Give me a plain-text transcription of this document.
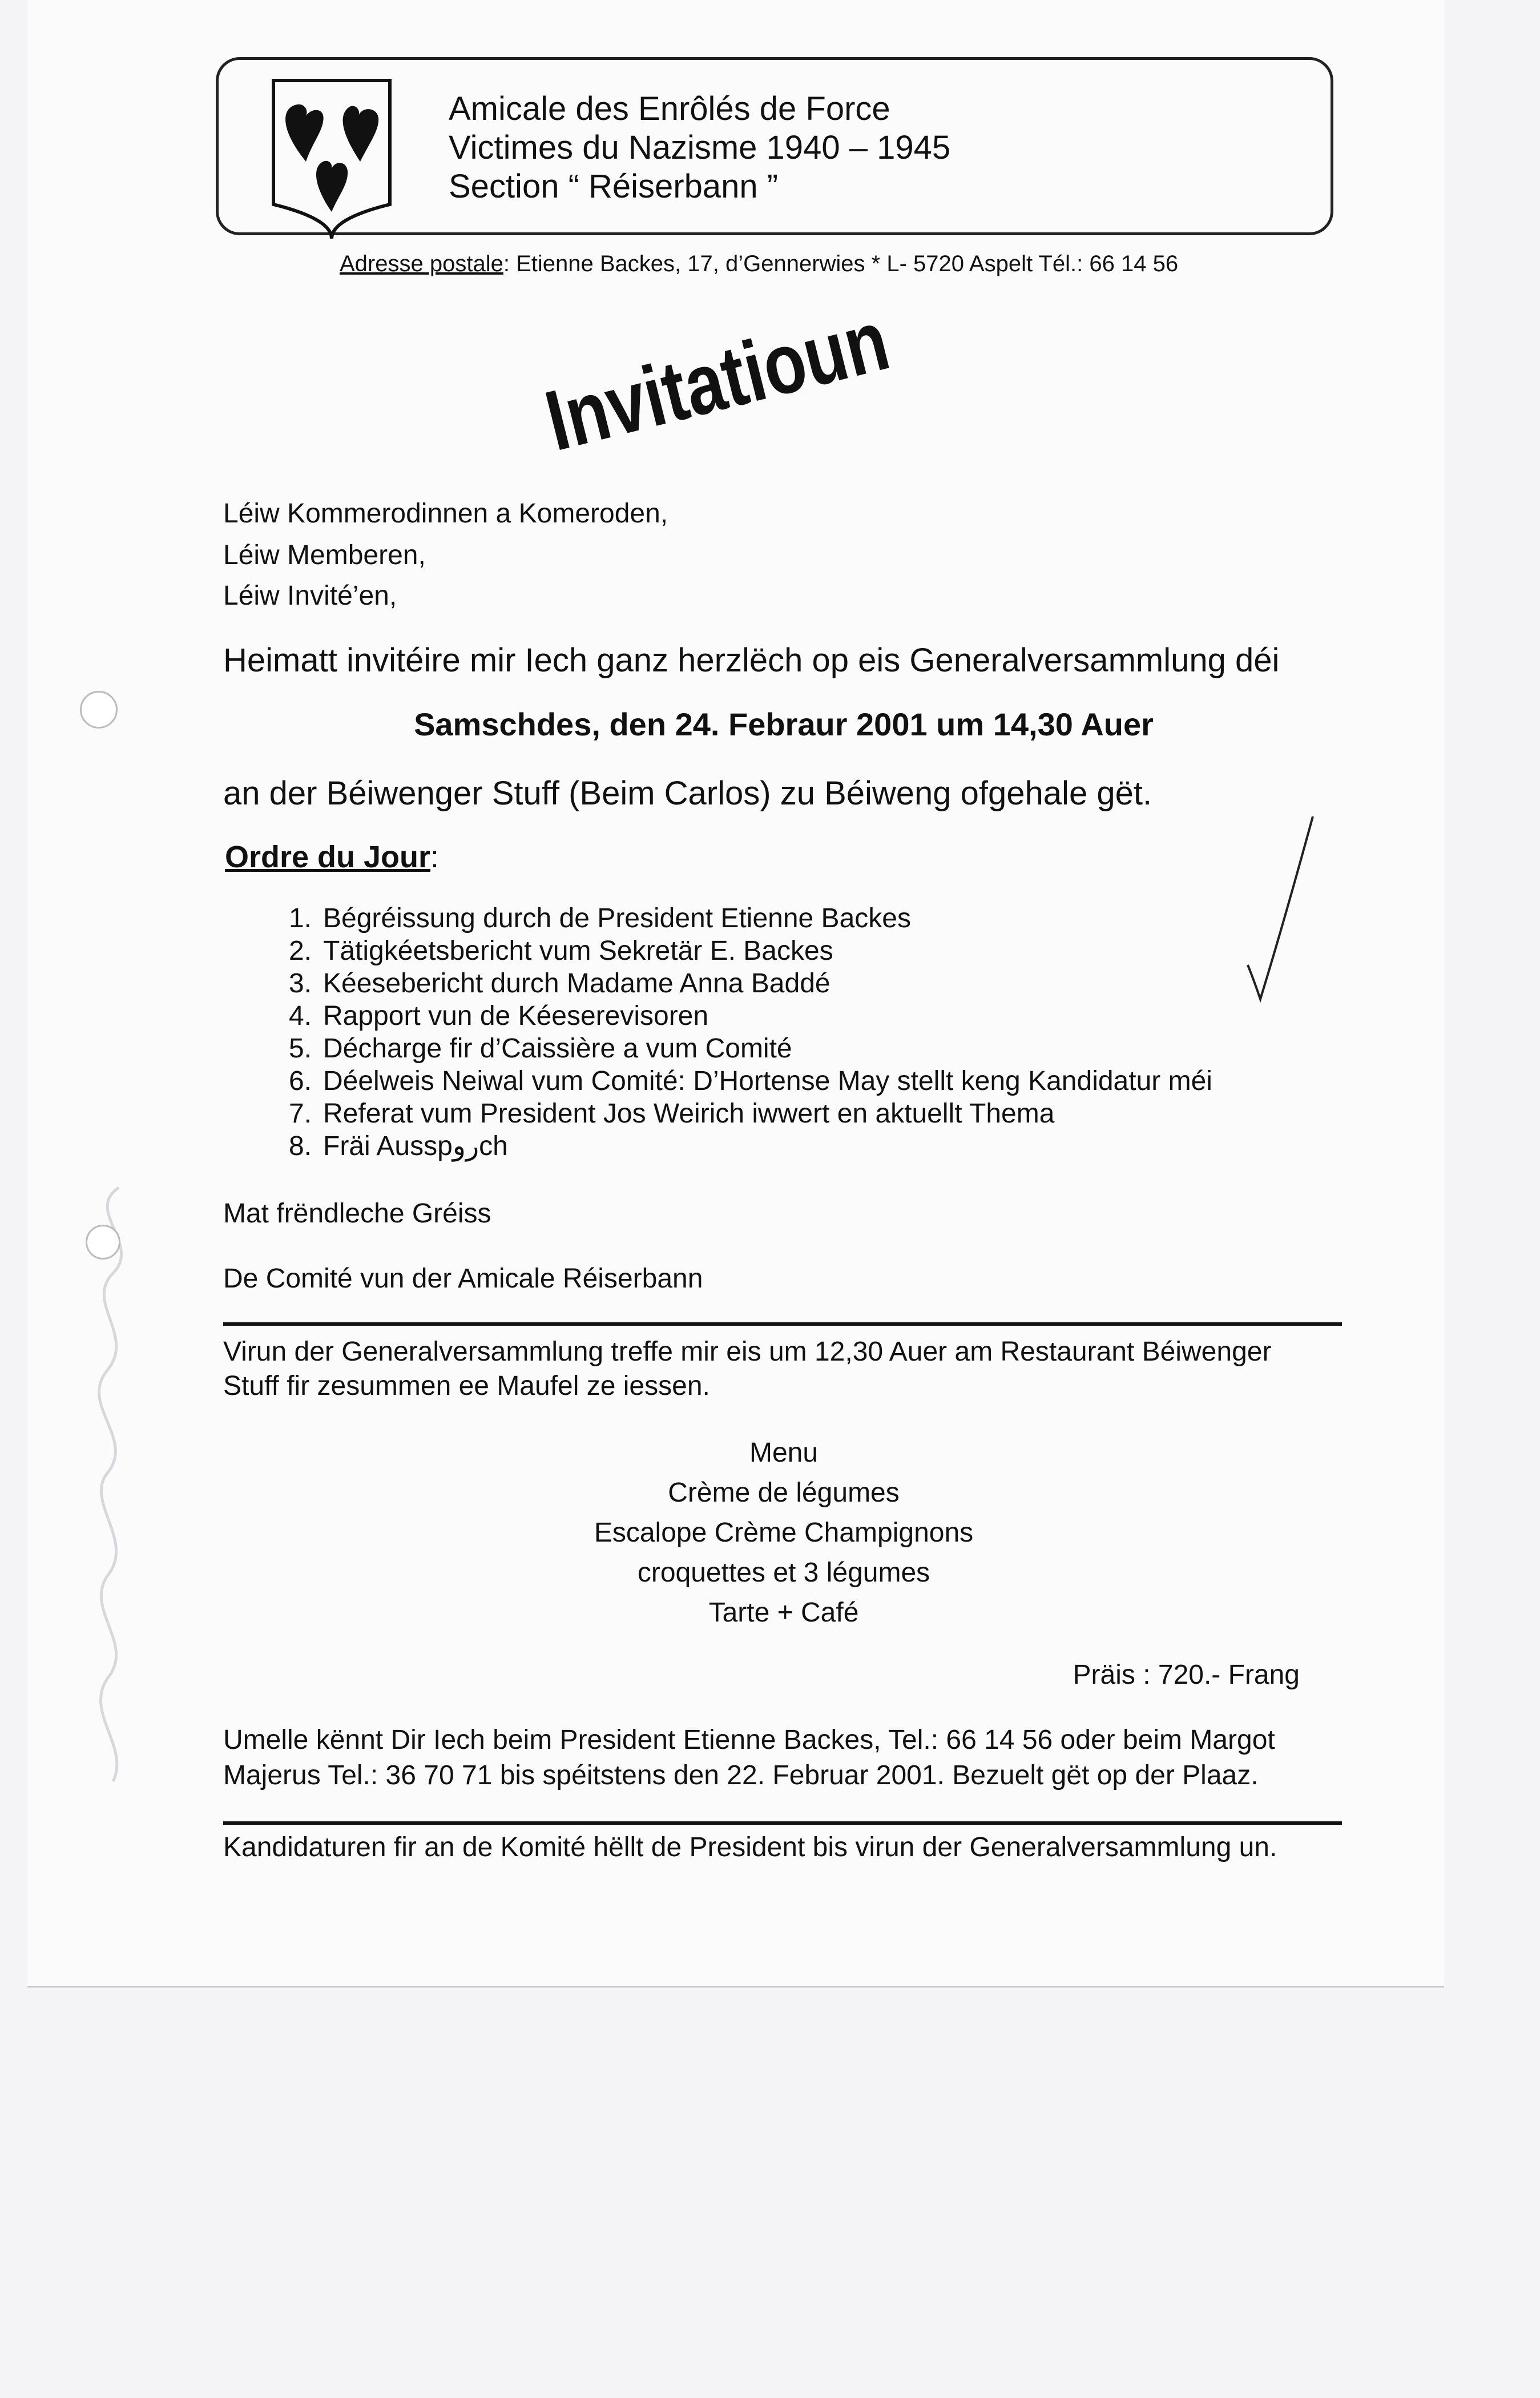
Amicale des Enrôlés de Force
Victimes du Nazisme 1940 – 1945
Section “ Réiserbann ”
Adresse postale: Etienne Backes, 17, d’Gennerwies * L- 5720 Aspelt Tél.: 66 14 56
Invitatioun
Léiw Kommerodinnen a Komeroden,
Léiw Memberen,
Léiw Invité’en,
Heimatt invitéire mir Iech ganz herzlëch op eis Generalversammlung déi
Samschdes, den 24. Febraur 2001 um 14,30 Auer
an der Béiwenger Stuff (Beim Carlos) zu Béiweng ofgehale gët.
Ordre du Jour:
1. Bégréissung durch de President Etienne Backes
2. Tätigkéetsbericht vum Sekretär E. Backes
3. Kéesebericht durch Madame Anna Baddé
4. Rapport vun de Kéeserevisoren
5. Décharge fir d’Caissière a vum Comité
6. Déelweis Neiwal vum Comité: D’Hortense May stellt keng Kandidatur méi
7. Referat vum President Jos Weirich iwwert en aktuellt Thema
8. Fräi Ausspروch
Mat frëndleche Gréiss
De Comité vun der Amicale Réiserbann
Virun der Generalversammlung treffe mir eis um 12,30 Auer am Restaurant Béiwenger
Stuff fir zesummen ee Maufel ze iessen.
Menu
Crème de légumes
Escalope Crème Champignons
croquettes et 3 légumes
Tarte + Café
Präis : 720.- Frang
Umelle kënnt Dir Iech beim President Etienne Backes, Tel.: 66 14 56 oder beim Margot
Majerus Tel.: 36 70 71 bis spéitstens den 22. Februar 2001. Bezuelt gët op der Plaaz.
Kandidaturen fir an de Komité hëllt de President bis virun der Generalversammlung un.
